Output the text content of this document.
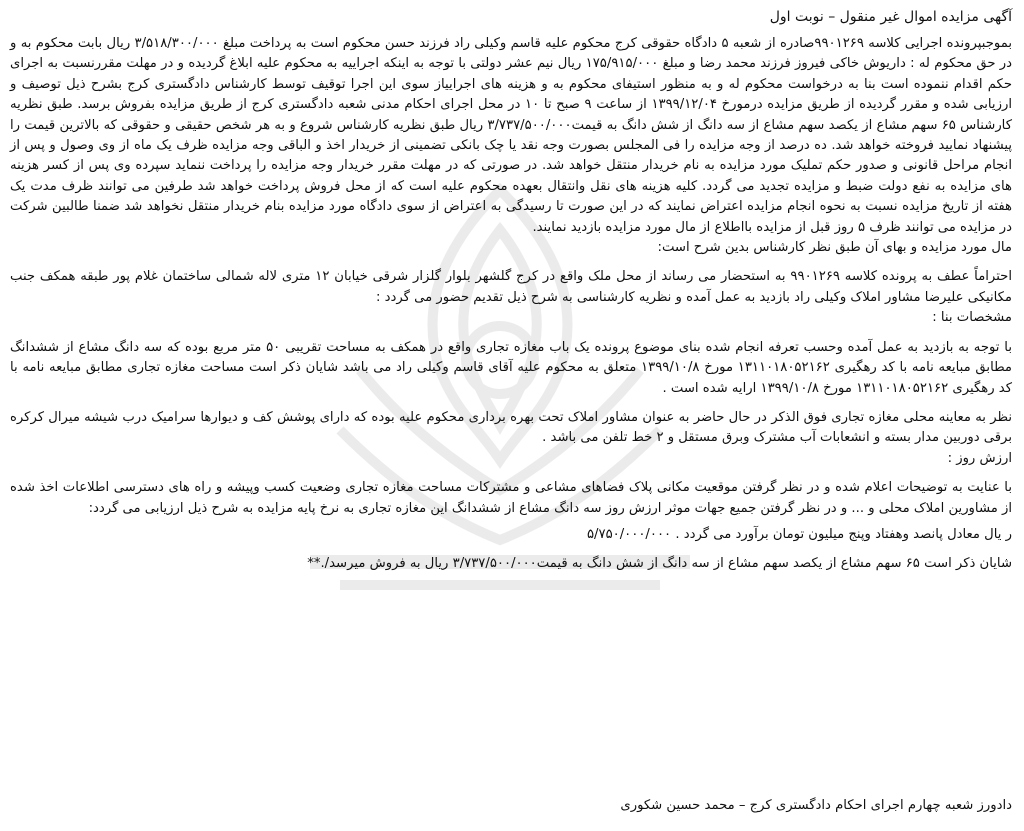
آگهی مزایده اموال غیر منقول – نوبت اول

بموجبپرونده اجرایی کلاسه ۹۹۰۱۲۶۹صادره از شعبه ۵ دادگاه حقوقی کرج محکوم علیه قاسم وکیلی راد فرزند حسن محکوم است به پرداخت مبلغ ۳/۵۱۸/۳۰۰/۰۰۰ ریال بابت محکوم به و در حق محکوم له : داریوش خاکی فیروز فرزند محمد رضا و مبلغ ۱۷۵/۹۱۵/۰۰۰ ریال نیم عشر دولتی با توجه به اینکه اجراییه به محکوم علیه ابلاغ گردیده و در مهلت مقررنسبت به اجرای حکم اقدام ننموده است بنا به درخواست محکوم له و به منظور استیفای محکوم به و هزینه های اجراییاز سوی این اجرا توقیف توسط کارشناس دادگستری کرج بشرح ذیل توصیف و ارزیابی شده و مقرر گردیده از طریق مزایده درمورخ ۱۳۹۹/۱۲/۰۴ از ساعت ۹ صبح تا ۱۰ در محل اجرای احکام مدنی شعبه دادگستری کرج از طریق مزایده بفروش برسد. طبق نظریه کارشناس ۶۵ سهم مشاع از یکصد سهم مشاع از سه دانگ از شش دانگ به قیمت۳/۷۳۷/۵۰۰/۰۰۰ ریال طبق نظریه کارشناس شروع و به هر شخص حقیقی و حقوقی که بالاترین قیمت را پیشنهاد نمایید فروخته خواهد شد. ده درصد از وجه مزایده را فی المجلس بصورت وجه نقد یا چک بانکی تضمینی از خریدار اخذ و الباقی وجه مزایده ظرف یک ماه از وی وصول و پس از انجام مراحل قانونی و صدور حکم تملیک مورد مزایده به نام خریدار منتقل خواهد شد. در صورتی که در مهلت مقرر خریدار وجه مزایده را پرداخت ننماید سپرده وی پس از کسر هزینه های مزایده به نفع دولت ضبط و مزایده تجدید می گردد. کلیه هزینه های نقل وانتقال بعهده محکوم علیه است که از محل فروش پرداخت خواهد شد طرفین می توانند ظرف مدت یک هفته از تاریخ مزایده نسبت به نحوه انجام مزایده اعتراض نمایند که در این صورت تا رسیدگی به اعتراض از سوی دادگاه مورد مزایده بنام خریدار منتقل نخواهد شد ضمنا طالبین شرکت در مزایده می توانند ظرف ۵ روز قبل از مزایده بااطلاع از مال مورد مزایده بازدید نمایند.

مال مورد مزایده و بهای آن طبق نظر کارشناس بدین شرح است:

احتراماً عطف به پرونده کلاسه ۹۹۰۱۲۶۹ به استحضار می رساند از محل ملک واقع در کرج گلشهر بلوار گلزار شرقی خیابان ۱۲ متری لاله شمالی ساختمان غلام پور طبقه همکف جنب مکانیکی علیرضا مشاور املاک وکیلی راد بازدید به عمل آمده و نظریه کارشناسی به شرح ذیل تقدیم حضور می گردد :

مشخصات بنا :

با توجه به بازدید به عمل آمده وحسب تعرفه انجام شده بنای موضوع پرونده یک باب مغازه تجاری واقع در همکف به مساحت تقریبی ۵۰ متر مربع بوده که سه دانگ مشاع از ششدانگ مطابق مبایعه نامه با کد رهگیری ۱۳۱۱۰۱۸۰۵۲۱۶۲ مورخ ۱۳۹۹/۱۰/۸ متعلق به محکوم علیه آقای قاسم وکیلی راد می باشد شایان ذکر است مساحت مغازه تجاری مطابق مبایعه نامه با کد رهگیری ۱۳۱۱۰۱۸۰۵۲۱۶۲ مورخ ۱۳۹۹/۱۰/۸ ارایه شده است .

نظر به معاینه محلی مغازه تجاری فوق الذکر در حال حاضر به عنوان مشاور املاک تحت بهره برداری محکوم علیه بوده که دارای پوشش کف و دیوارها سرامیک درب شیشه میرال کرکره برقی دوربین مدار بسته و انشعابات آب مشترک وبرق مستقل و ۲ خط تلفن می باشد .

ارزش روز :

با عنایت به توضیحات اعلام شده و در نظر گرفتن موقعیت مکانی پلاک فضاهای مشاعی و مشترکات مساحت مغازه تجاری وضعیت کسب وپیشه و راه های دسترسی اطلاعات اخذ شده از مشاورین املاک محلی و ... و در نظر گرفتن جمیع جهات موثر ارزش روز سه دانگ مشاع از ششدانگ این مغازه تجاری به نرخ پایه مزایده به شرح ذیل ارزیابی می گردد:

ر یال معادل پانصد وهفتاد وپنج میلیون تومان برآورد می گردد . ۵/۷۵۰/۰۰۰/۰۰۰

شایان ذکر است ۶۵ سهم مشاع از یکصد سهم مشاع از سه دانگ از شش دانگ به قیمت۳/۷۳۷/۵۰۰/۰۰۰ ریال به فروش میرسد/.**

دادورز شعبه چهارم اجرای احکام دادگستری کرج – محمد حسین شکوری
